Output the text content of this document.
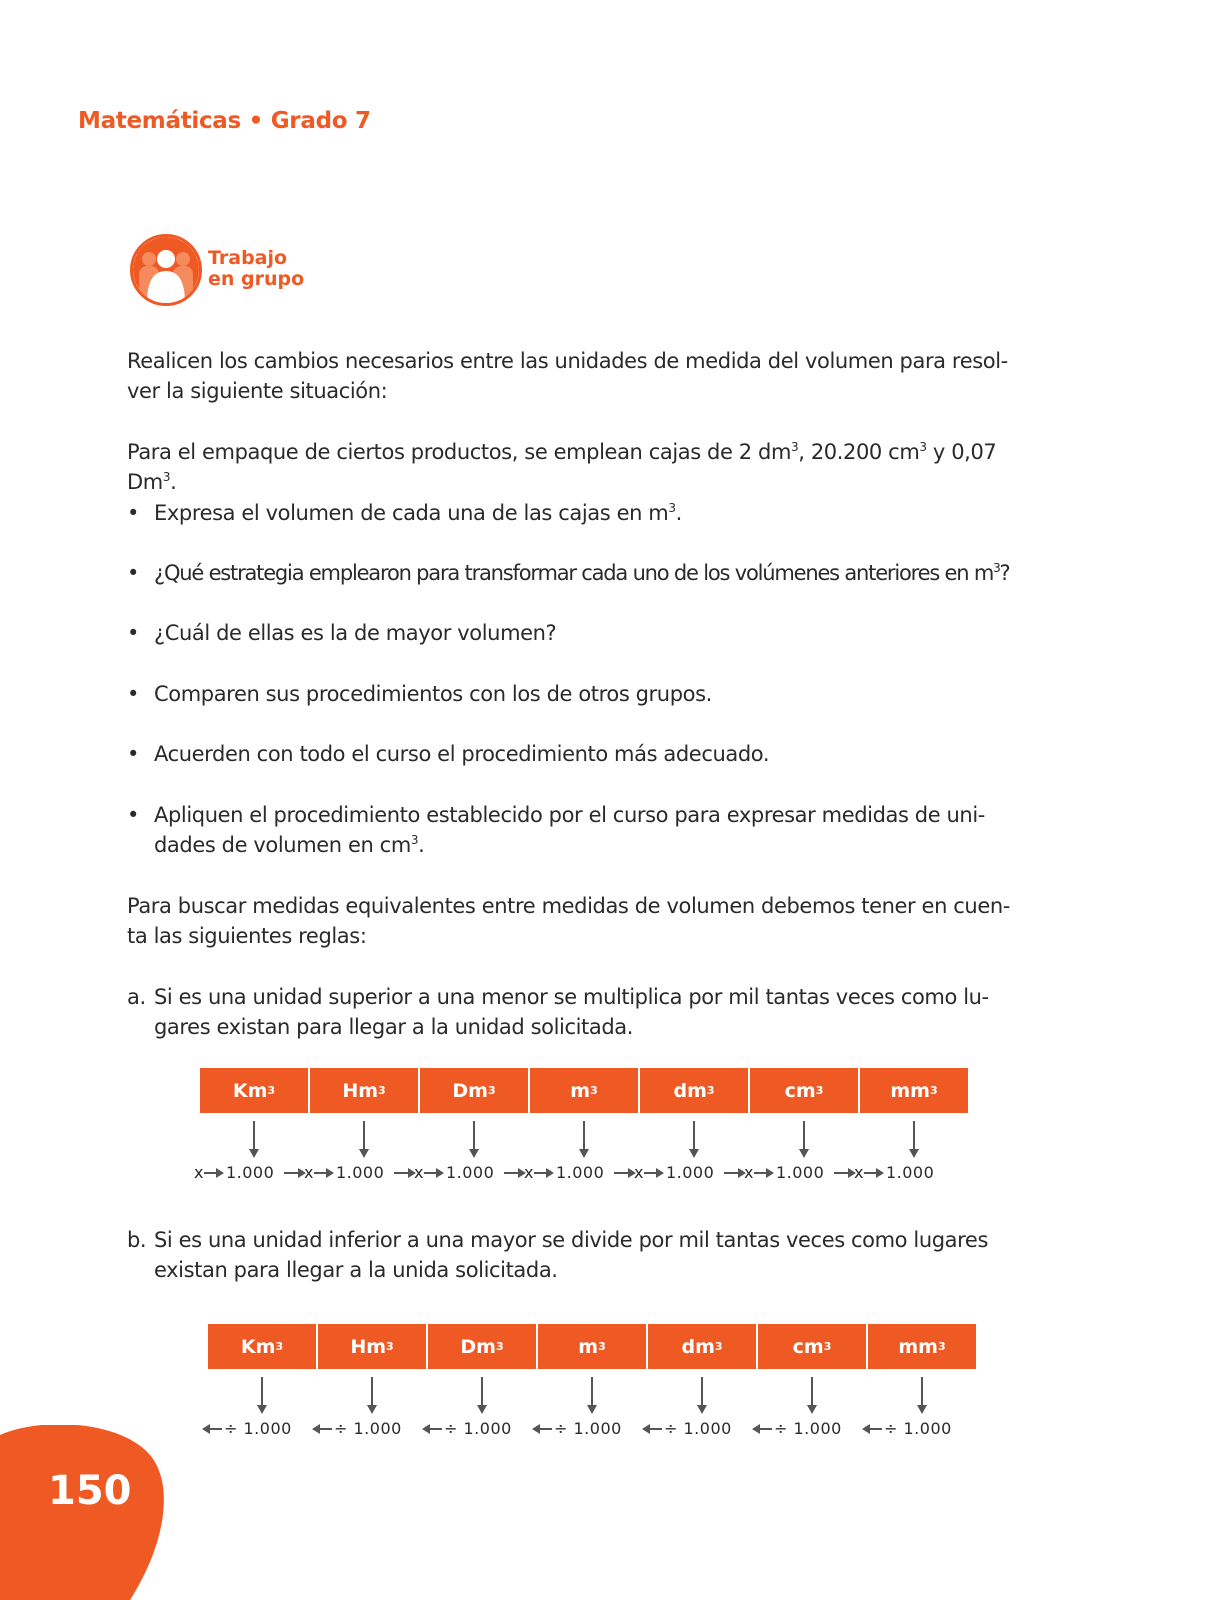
Matemáticas • Grado 7
Trabajo
en grupo
Realicen los cambios necesarios entre las unidades de medida del volumen para resol-
ver la siguiente situación:
Para el empaque de ciertos productos, se emplean cajas de 2 $dm^3$, 20.200 $cm^3$ y 0,07 Dm$^3$.
• Expresa el volumen de cada una de las cajas en $m^3$.
• ¿Qué estrategia emplearon para transformar cada uno de los volúmenes anteriores en $m^3$?
• ¿Cuál de ellas es la de mayor volumen?
• Comparen sus procedimientos con los de otros grupos.
• Acuerden con todo el curso el procedimiento más adecuado.
• Apliquen el procedimiento establecido por el curso para expresar medidas de uni-
dades de volumen en $cm^3$.
Para buscar medidas equivalentes entre medidas de volumen debemos tener en cuen-
ta las siguientes reglas:
a. Si es una unidad superior a una menor se multiplica por mil tantas veces como lu-
gares existan para llegar a la unidad solicitada.
Km 3	Hm 3	Dm 3	m 3	dm 3	cm 3	mm 3
x 1.000 x 1.000 x 1.000 x 1.000 x 1.000 x 1.000 x 1.000
b. Si es una unidad inferior a una mayor se divide por mil tantas veces como lugares
existan para llegar a la unida solicitada.
Km 3	Hm 3	Dm 3	m 3	dm 3	cm 3	mm 3
÷ 1.000	÷ 1.000	÷ 1.000	÷ 1.000	÷ 1.000	÷ 1.000	÷ 1.000
150
